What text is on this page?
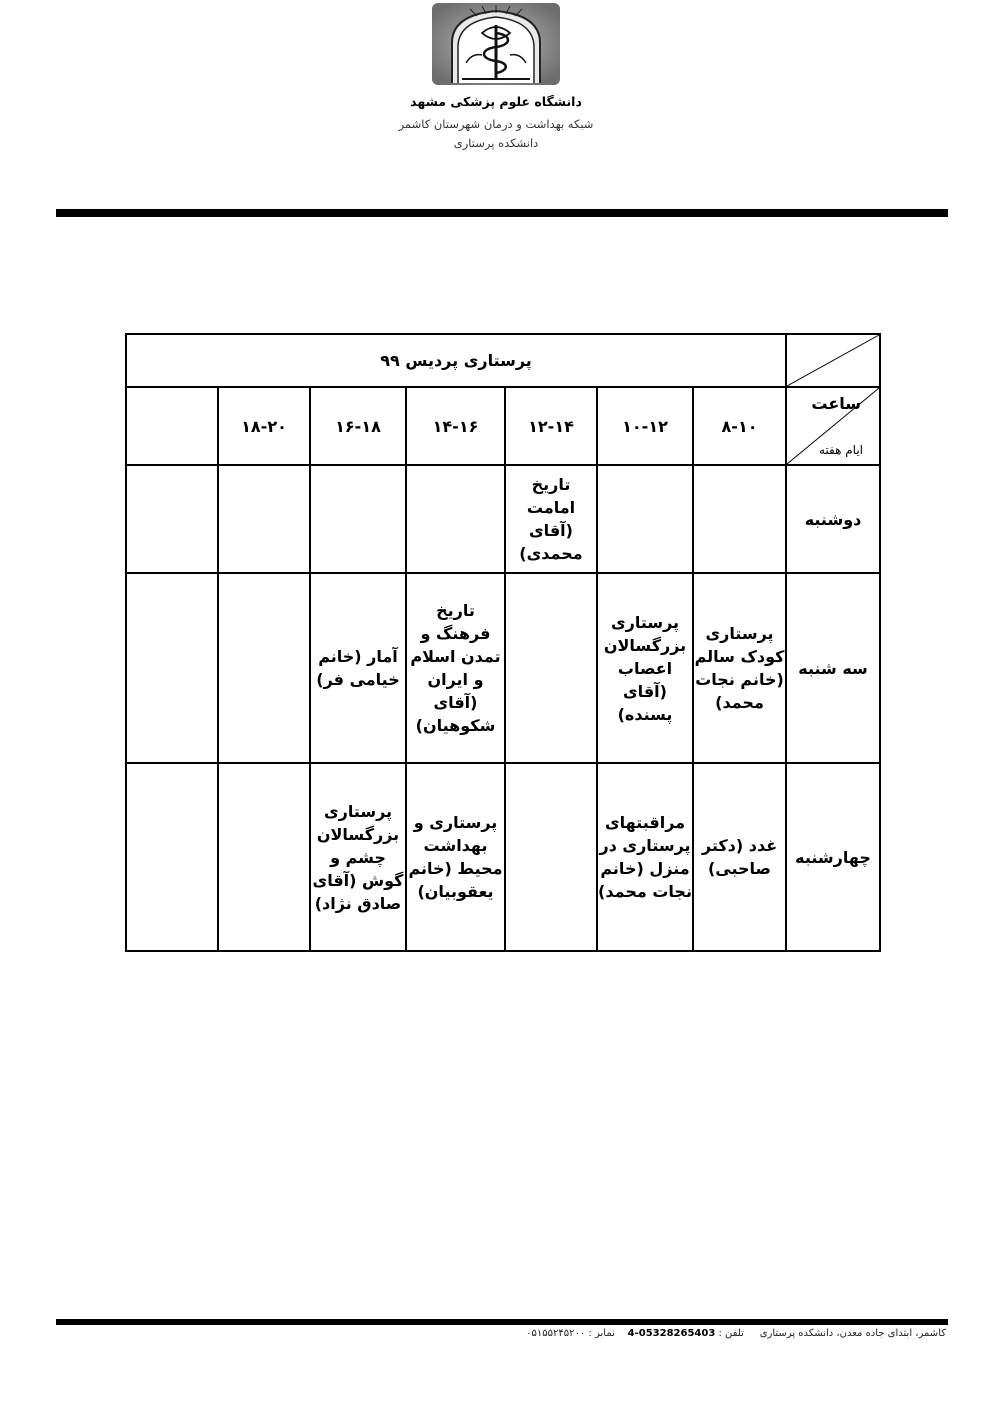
دانشگاه علوم پزشکی مشهد
شبکه بهداشت و درمان شهرستان کاشمر
دانشکده پرستاری
پرستاری پردیس ۹۹	

	۱۸-۲۰	۱۶-۱۸	۱۴-۱۶	۱۲-۱۴	۱۰-۱۲	۸-۱۰	ساعت
ایام هفته

				تاریخ امامت (آقای محمدی)			دوشنبه
		آمار (خانم خیامی فر)	تاریخ فرهنگ و تمدن اسلام و ایران (آقای شکوهیان)		پرستاری بزرگسالان اعصاب (آقای پسنده)	پرستاری کودک سالم (خانم نجات محمد)	سه شنبه
		پرستاری بزرگسالان چشم و گوش (آقای صادق نژاد)	پرستاری و بهداشت محیط (خانم یعقوبیان)		مراقبتهای پرستاری در منزل (خانم نجات محمد)	غدد (دکتر صاحبی)	چهارشنبه
کاشمر، ابتدای جاده معدن، دانشکده پرستاری     تلفن : 05328265403-4    نمابر : ۰۵۱۵۵۲۴۵۲۰۰
